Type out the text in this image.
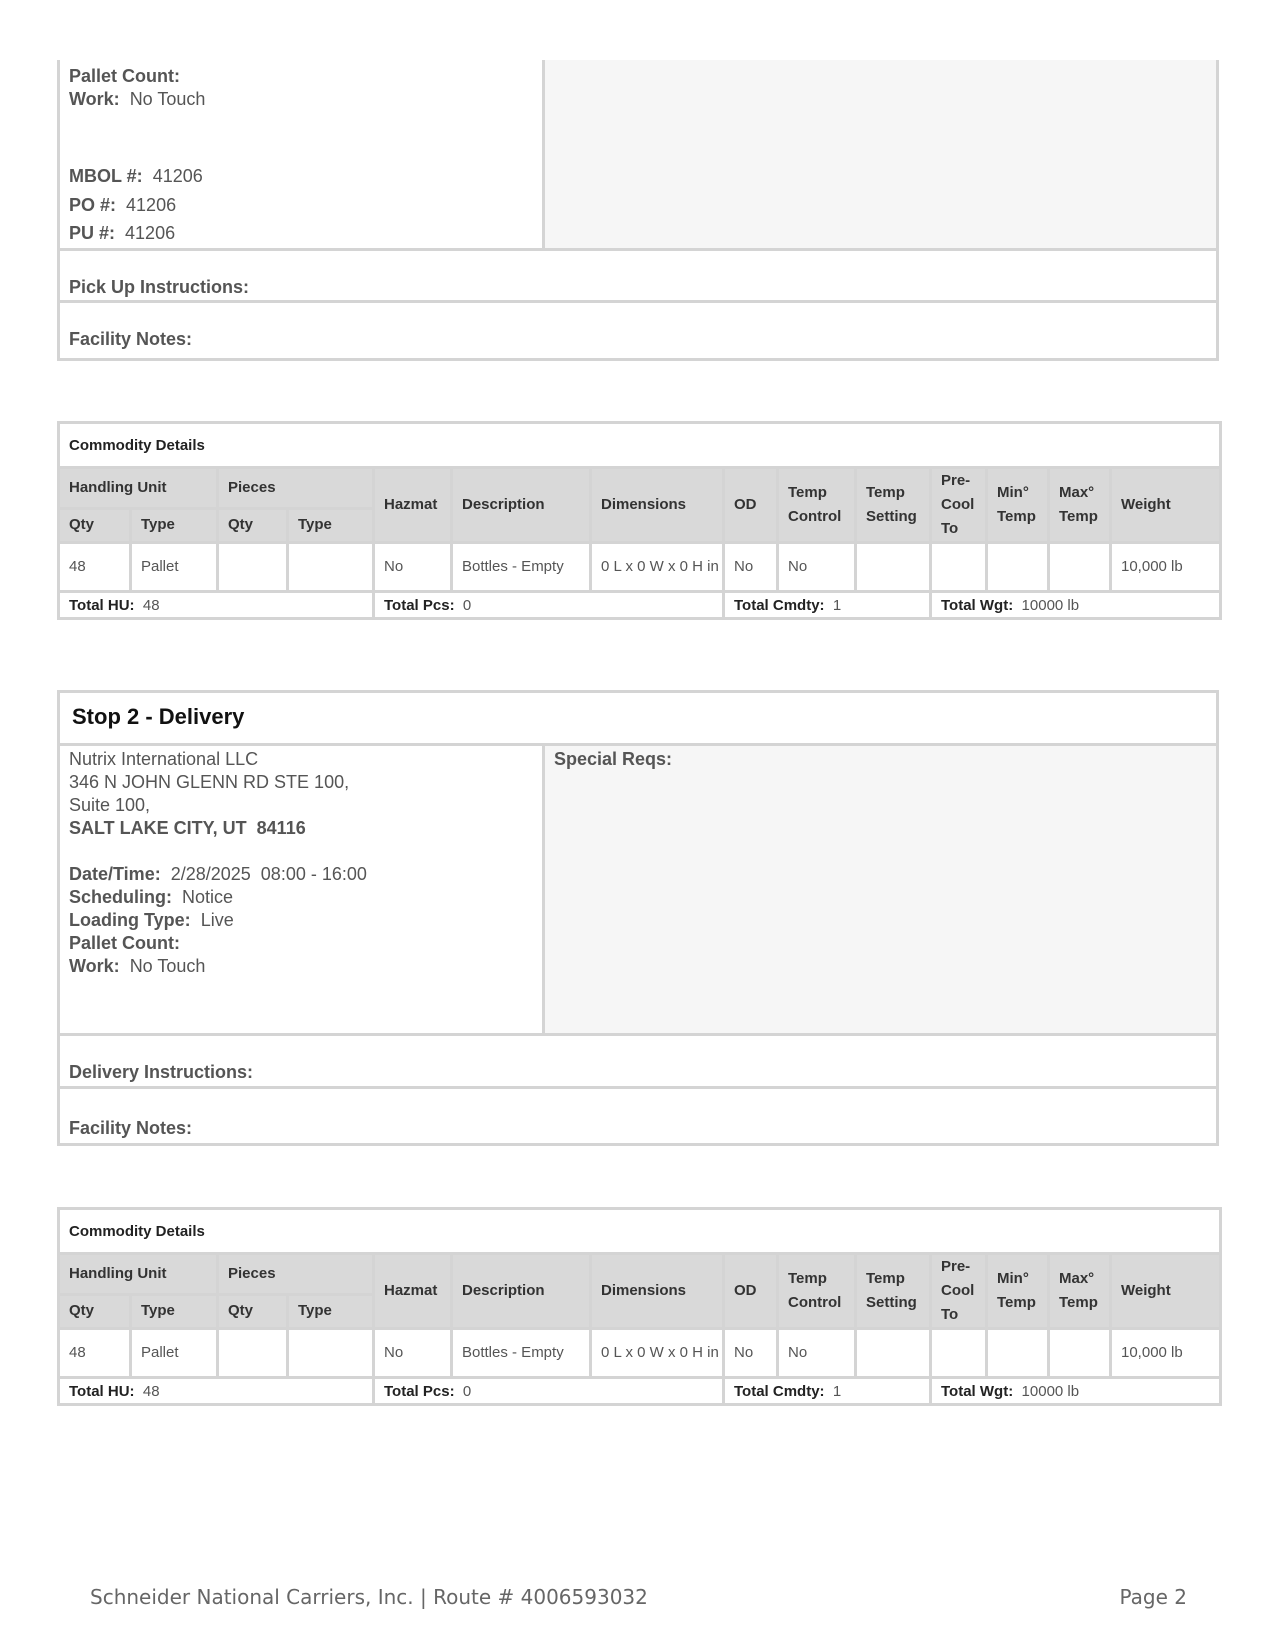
Pallet Count:
Work: No Touch
MBOL #: 41206
PO #: 41206
PU #: 41206
Pick Up Instructions:
Facility Notes:
Commodity Details													
Handling Unit		Pieces		Hazmat	Description	Dimensions	OD	Temp Control	Temp Setting	Pre-Cool To	Min° Temp	Max° Temp	Weight
Qty	Type	Qty	Type										
48	Pallet			No	Bottles - Empty	0 L x 0 W x 0 H in	No	No					10,000 lb
Total HU: 48				Total Pcs: 0			Total Cmdty: 1			Total Wgt: 10000 lb			
Stop 2 - Delivery
Nutrix International LLC
346 N JOHN GLENN RD STE 100,
Suite 100,
SALT LAKE CITY, UT  84116
Date/Time: 2/28/2025  08:00 - 16:00
Scheduling: Notice
Loading Type: Live
Pallet Count:
Work: No Touch
Special Reqs:
Delivery Instructions:
Facility Notes:
Commodity Details													
Handling Unit		Pieces		Hazmat	Description	Dimensions	OD	Temp Control	Temp Setting	Pre-Cool To	Min° Temp	Max° Temp	Weight
Qty	Type	Qty	Type										
48	Pallet			No	Bottles - Empty	0 L x 0 W x 0 H in	No	No					10,000 lb
Total HU: 48				Total Pcs: 0			Total Cmdty: 1			Total Wgt: 10000 lb			
Schneider National Carriers, Inc. | Route # 4006593032	Page 2
